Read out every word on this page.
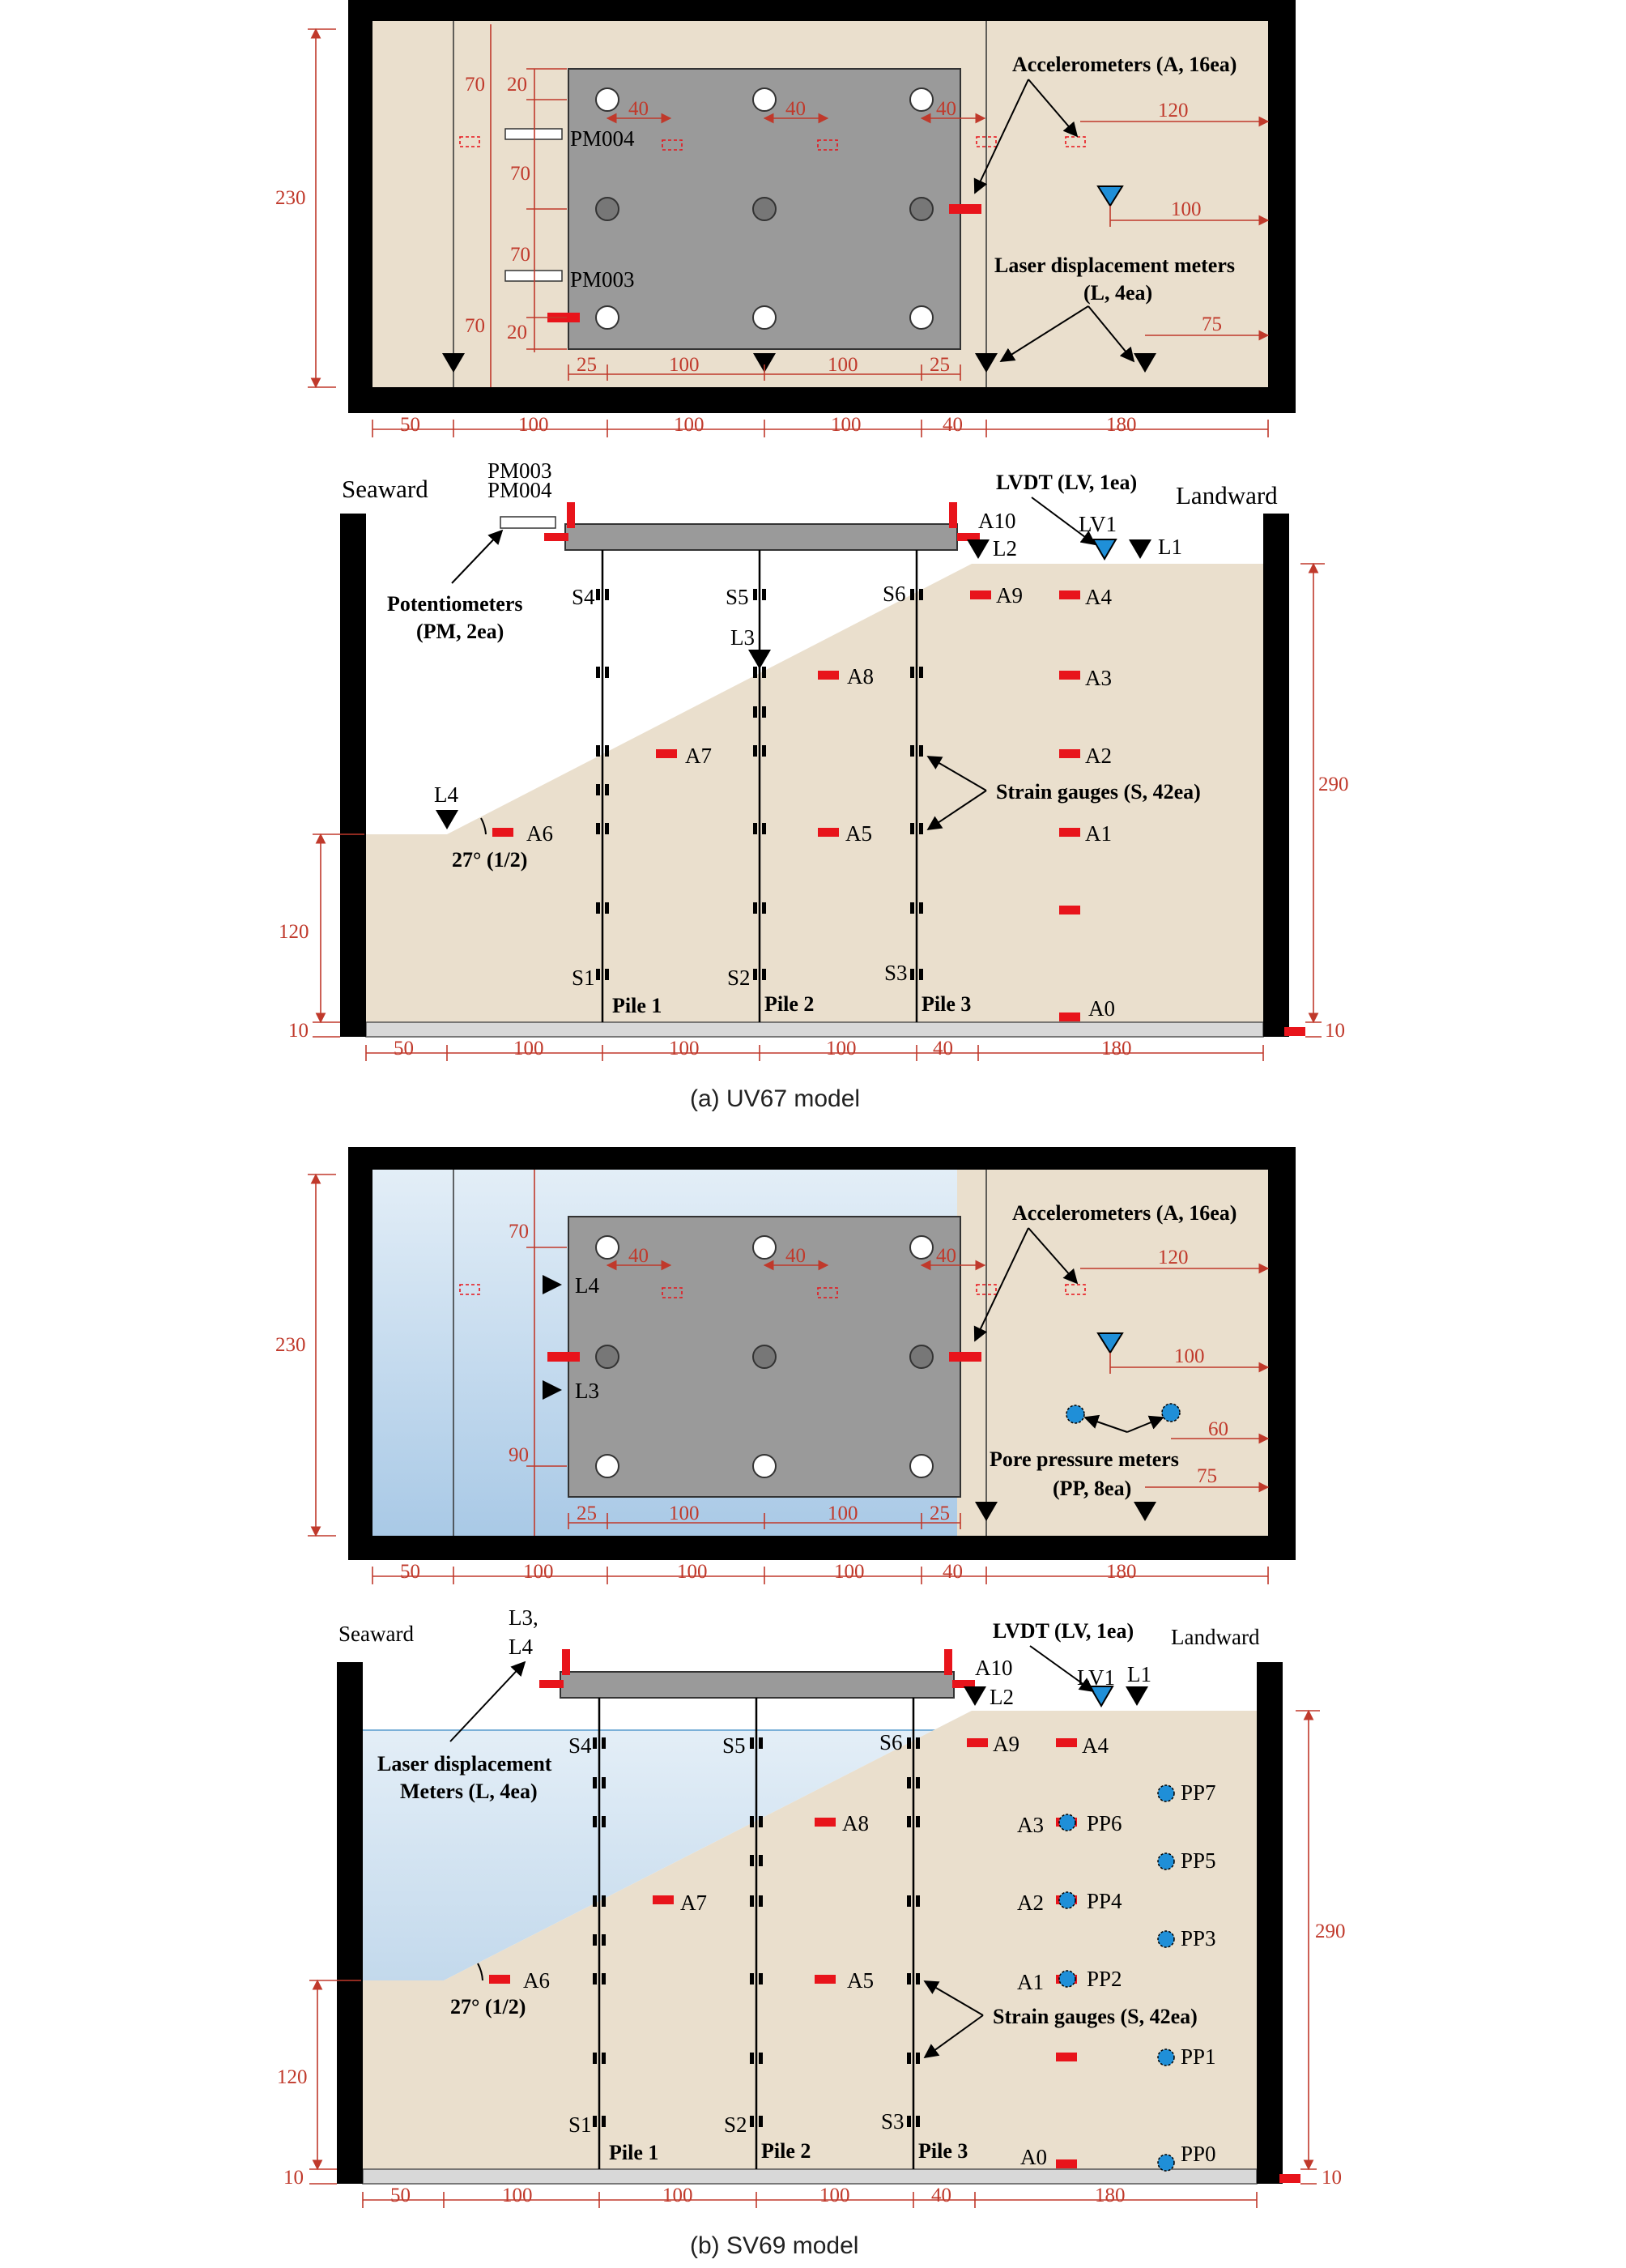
PM004
PM003
230
70 20
70
70
70 20
40	40	40
Accelerometers (A, 16ea)
120
100
Laser displacement meters
(L, 4ea)
75
25	100	100	25
50	100	100	100	40	180
PM003
PM004
Potentiometers
(PM, 2ea)
Seaward	Landward
S4	S5	S6
S1	S2	S3
Pile 1	Pile 2	Pile 3
A6
A7
A8
A5
A9	A4
A3
A2
A1
A0
L4
L3
L2
A10
L1
LV1
LVDT (LV, 1ea)
Strain gauges (S, 42ea)
27° (1/2)
120
10
290
10
50	100	100	100	40	180
L4
L3
230
70
90
40	40	40
Accelerometers (A, 16ea)
120
100
60
Pore pressure meters
(PP, 8ea)
75
25	100	100	25
50	100	100	100	40	180
L3,
L4
Laser displacement
Meters (L, 4ea)
Seaward	Landward
S4	S5	S6
S1	S2	S3
Pile 1	Pile 2	Pile 3
A6
A7
A8
A5
A9	A4
A3
A2
A1
A0
PP6
PP4
PP2
PP7
PP5
PP3
PP1
PP0
L2
A10	L1
LV1
LVDT (LV, 1ea)
Strain gauges (S, 42ea)
27° (1/2)
120
10
290
10
50	100	100	100	40	180
(a) UV67 model
(b) SV69 model
